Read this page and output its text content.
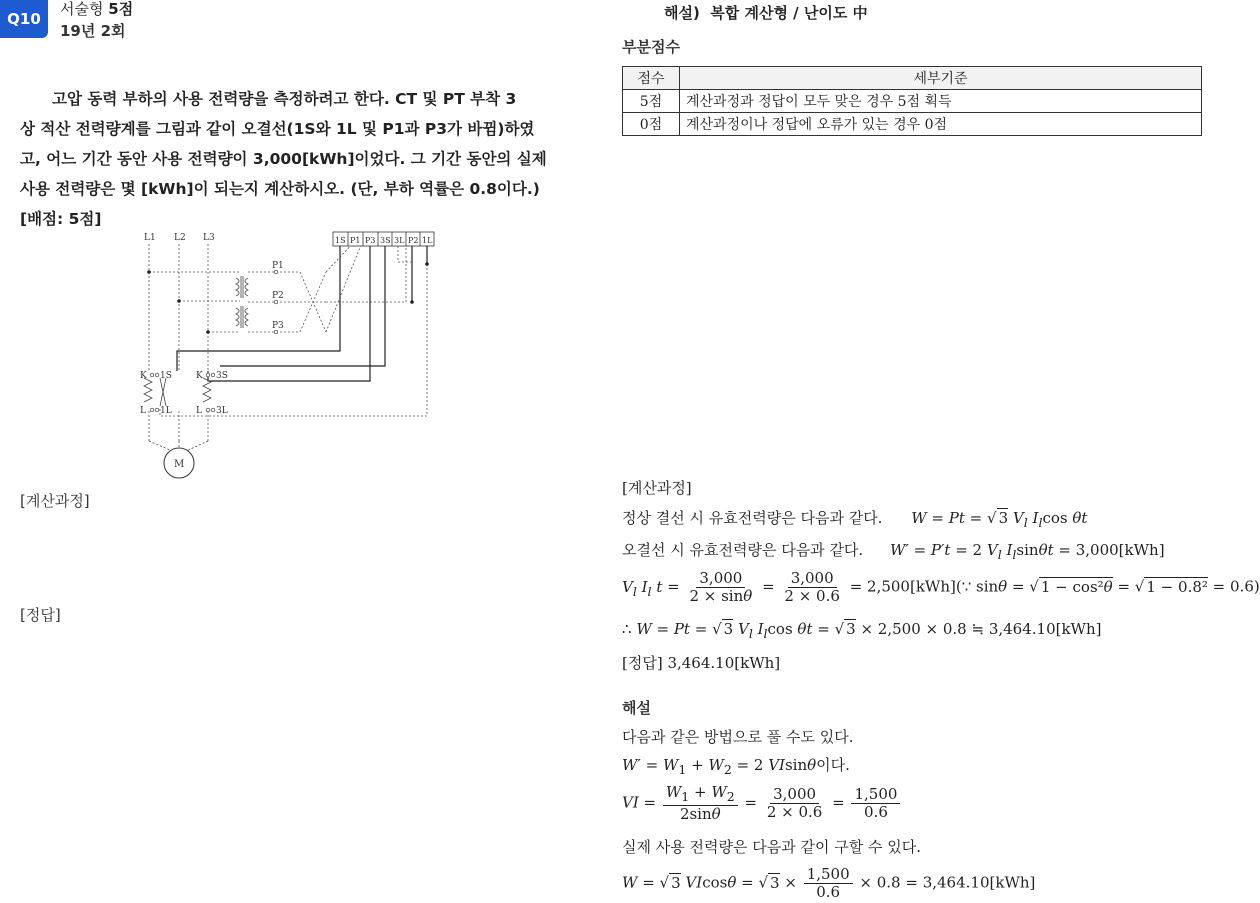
Q10
서술형 5점
19년 2회

고압 동력 부하의 사용 전력량을 측정하려고 한다. CT 및 PT 부착 3

상 적산 전력량계를 그림과 같이 오결선(1S와 1L 및 P1과 P3가 바뀜)하였
고, 어느 기간 동안 사용 전력량이 3,000[kWh]이었다. 그 기간 동안의 실제
사용 전력량은 몇 [kWh]이 되는지 계산하시오. (단, 부하 역률은 0.8이다.)
[배점: 5점]
L1 L2 L3
P1
P2
P3
1S P1 P3 3S 3L P2 1L
K 1S
L 1L
K 3S
L 3L
M
[계산과정]
[정답]
해설)  복합 계산형 / 난이도 中
부분점수
점수	세부기준
5점	계산과정과 정답이 모두 맞은 경우 5점 획득
0점	계산과정이나 정답에 오류가 있는 경우 0점
[계산과정]
정상 결선 시 유효전력량은 다음과 같다. W = Pt = √ 3 $V_l$ $I_l\cos$ θt
오결선 시 유효전력량은 다음과 같다. W′ = P′t = 2 $V_l$ $I_l\sin\theta t = 3,000[kWh]$
$V_l$ $I_l$ $t = \frac{3,000}{2 \times \sin\theta} = \frac{3,000}{2 \times 0.6}$ = 2,500[kWh](∵ sinθ = √ 1 − cos²θ = √ 1 − 0.8² = 0.6)
∴ W = Pt = √ 3 $V_l$ $I_l\cos$ θt = √ 3 × 2,500 × 0.8 ≒ 3,464.10[kWh]
[정답] 3,464.10[kWh]
해설
다음과 같은 방법으로 풀 수도 있다.
$W' = W_1 + W_2 = 2$ VIsinθ이다.
VI = $\frac{W_1 + W_2}{2\sin\theta} = \frac{3,000}{2 \times 0.6} = \frac{1,500}{0.6}$
실제 사용 전력량은 다음과 같이 구할 수 있다.
W = √ 3 VIcosθ = √ $3 \times \frac{1,500}{0.6} \times 0.8 = 3,464.10[kWh]$
